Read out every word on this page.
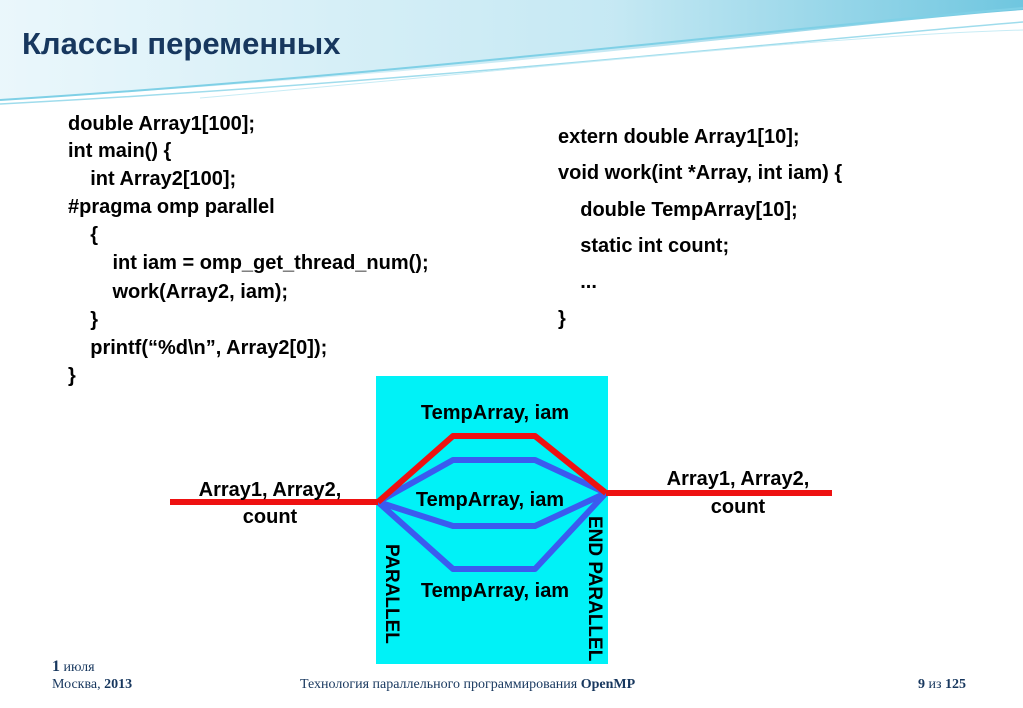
Классы переменных
double Array1[100];
int main() {
int Array2[100];
#pragma omp parallel
{
int iam = omp_get_thread_num();
work(Array2, iam);
}
printf(“%d\n”, Array2[0]);
}
extern double Array1[10];
void work(int *Array, int iam) {
double TempArray[10];
static int count;
...
}
TempArray, iam
TempArray, iam
TempArray, iam
Array1, Array2,
count
Array1, Array2,
count
PARALLEL	END PARALLEL
1 июля
Москва, 2013	Технология параллельного программирования OpenMP	9 из 125
